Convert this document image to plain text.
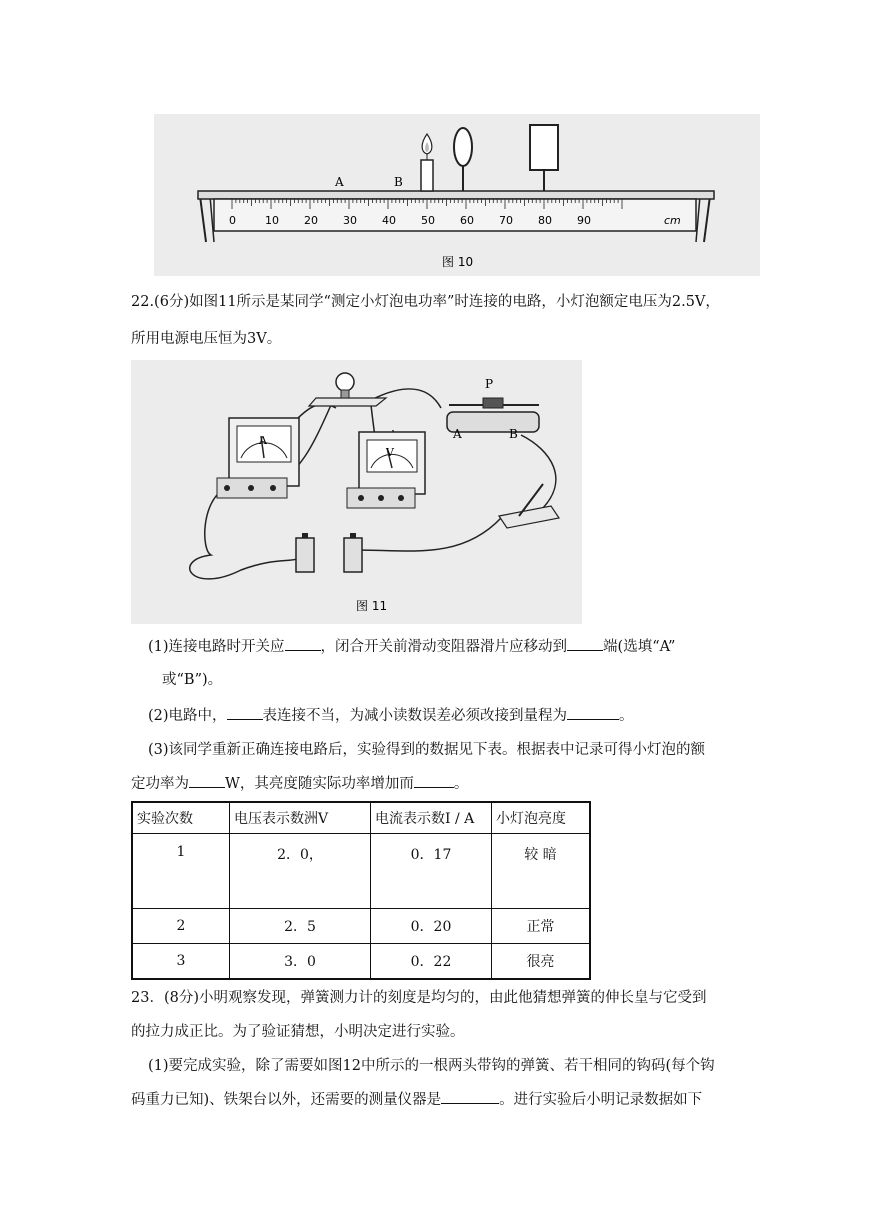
0	10 20 30 40 50 60 70 80 90	cm
A	B
图 10
22.(6分)如图11所示是某同学“测定小灯泡电功率”时连接的电路，小灯泡额定电压为2.5V，
所用电源电压恒为3V。
A
V
P
A	B
图 11
(1)连接电路时开关应 ，闭合开关前滑动变阻器滑片应移动到 端(选填“A”
或“B”)。
(2)电路中， 表连接不当，为减小读数误差必须改接到量程为	。
(3)该同学重新正确连接电路后，实验得到的数据见下表。根据表中记录可得小灯泡的额
定功率为 W，其亮度随实际功率增加而	。
实验次数	电压表示数洲V	电流表示数I / A	小灯泡亮度
1	2．0，	0．17	较 暗
2	2．5	0．20	正常
3	3．0	0．22	很亮
23．(8分)小明观察发现，弹簧测力计的刻度是均匀的，由此他猜想弹簧的伸长皇与它受到
的拉力成正比。为了验证猜想，小明决定进行实验。
(1)要完成实验，除了需要如图12中所示的一根两头带钩的弹簧、若干相同的钩码(每个钩
码重力已知)、铁架台以外，还需要的测量仪器是	。进行实验后小明记录数据如下
